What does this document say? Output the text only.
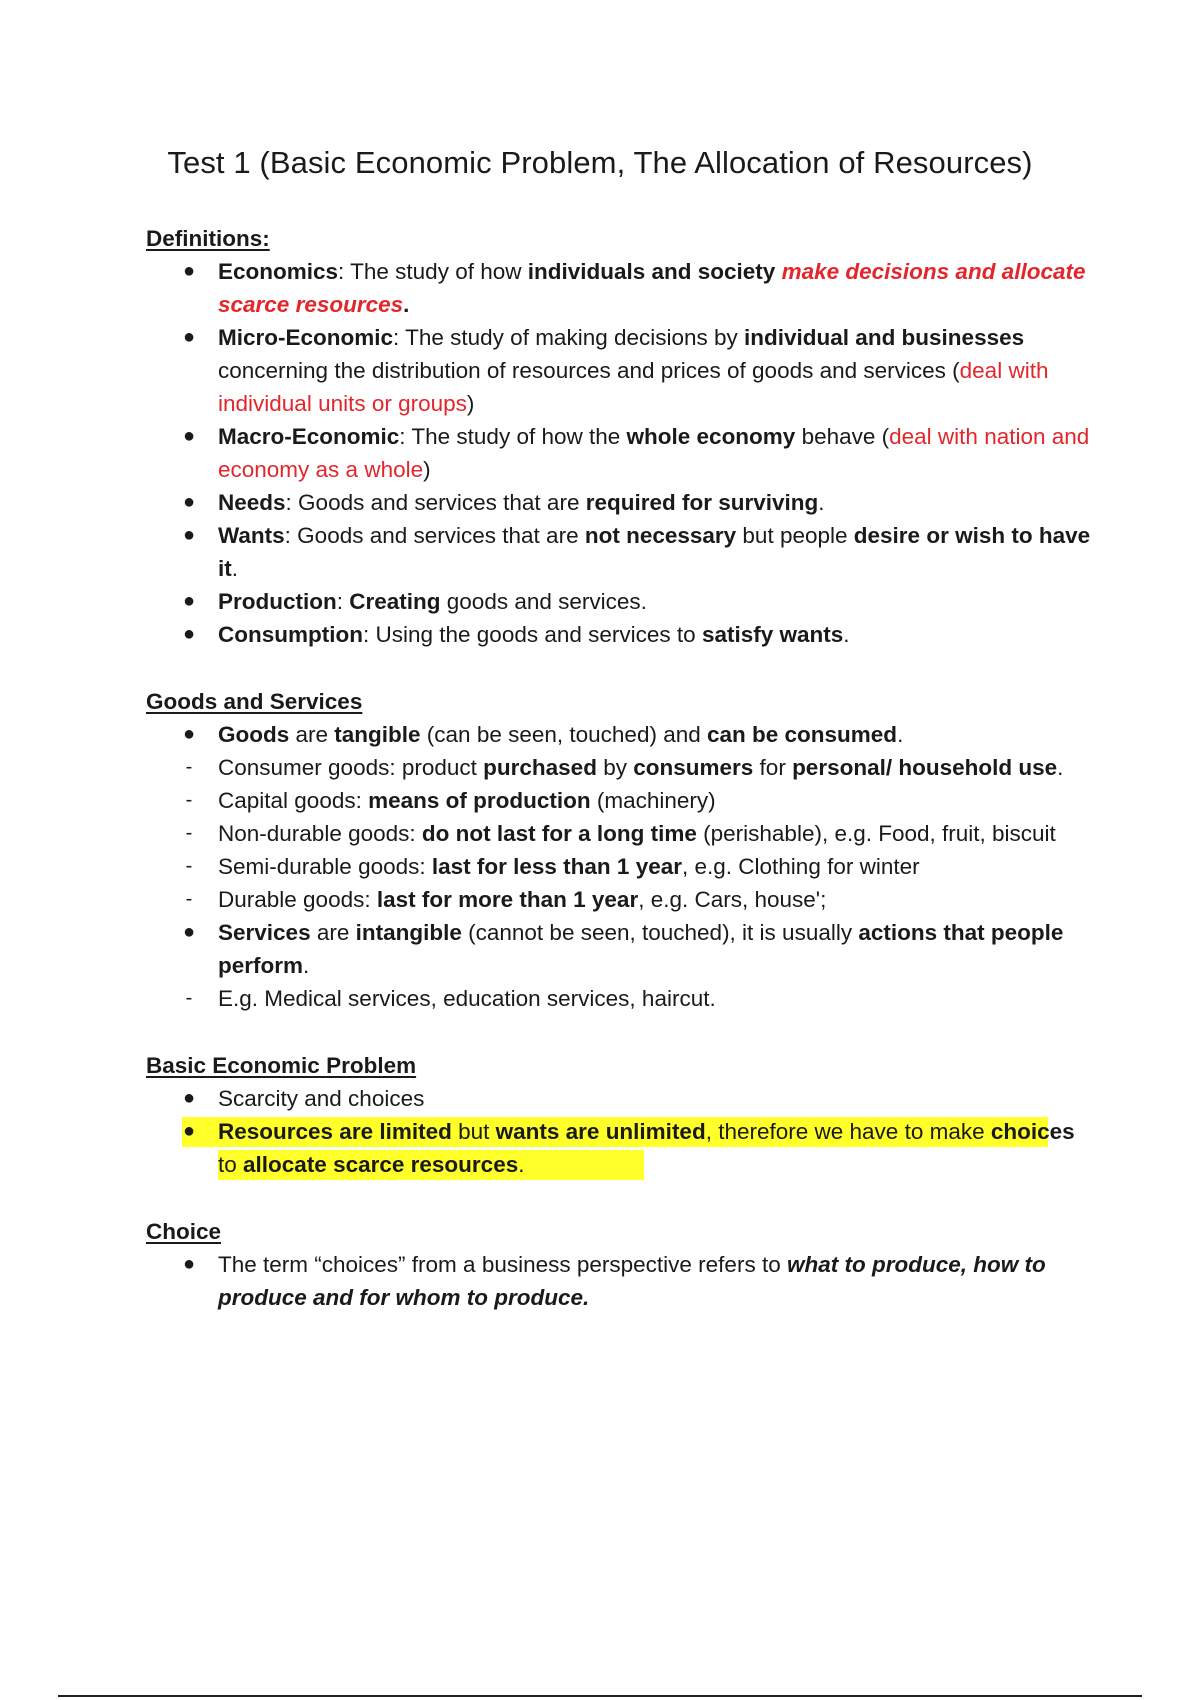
Test 1 (Basic Economic Problem, The Allocation of Resources)

Definitions:

● Economics: The study of how individuals and society make decisions and allocate scarce resources.
● Micro-Economic: The study of making decisions by individual and businesses concerning the distribution of resources and prices of goods and services (deal with individual units or groups)
● Macro-Economic: The study of how the whole economy behave (deal with nation and economy as a whole)
● Needs: Goods and services that are required for surviving.
● Wants: Goods and services that are not necessary but people desire or wish to have it.
● Production: Creating goods and services.
● Consumption: Using the goods and services to satisfy wants.

Goods and Services

● Goods are tangible (can be seen, touched) and can be consumed.
- Consumer goods: product purchased by consumers for personal/ household use.
- Capital goods: means of production (machinery)
- Non-durable goods: do not last for a long time (perishable), e.g. Food, fruit, biscuit
- Semi-durable goods: last for less than 1 year, e.g. Clothing for winter
- Durable goods: last for more than 1 year, e.g. Cars, house';
● Services are intangible (cannot be seen, touched), it is usually actions that people perform.
- E.g. Medical services, education services, haircut.

Basic Economic Problem

● Scarcity and choices
● Resources are limited but wants are unlimited, therefore we have to make choices to allocate scarce resources.

Choice

● The term “choices” from a business perspective refers to what to produce, how to produce and for whom to produce.
